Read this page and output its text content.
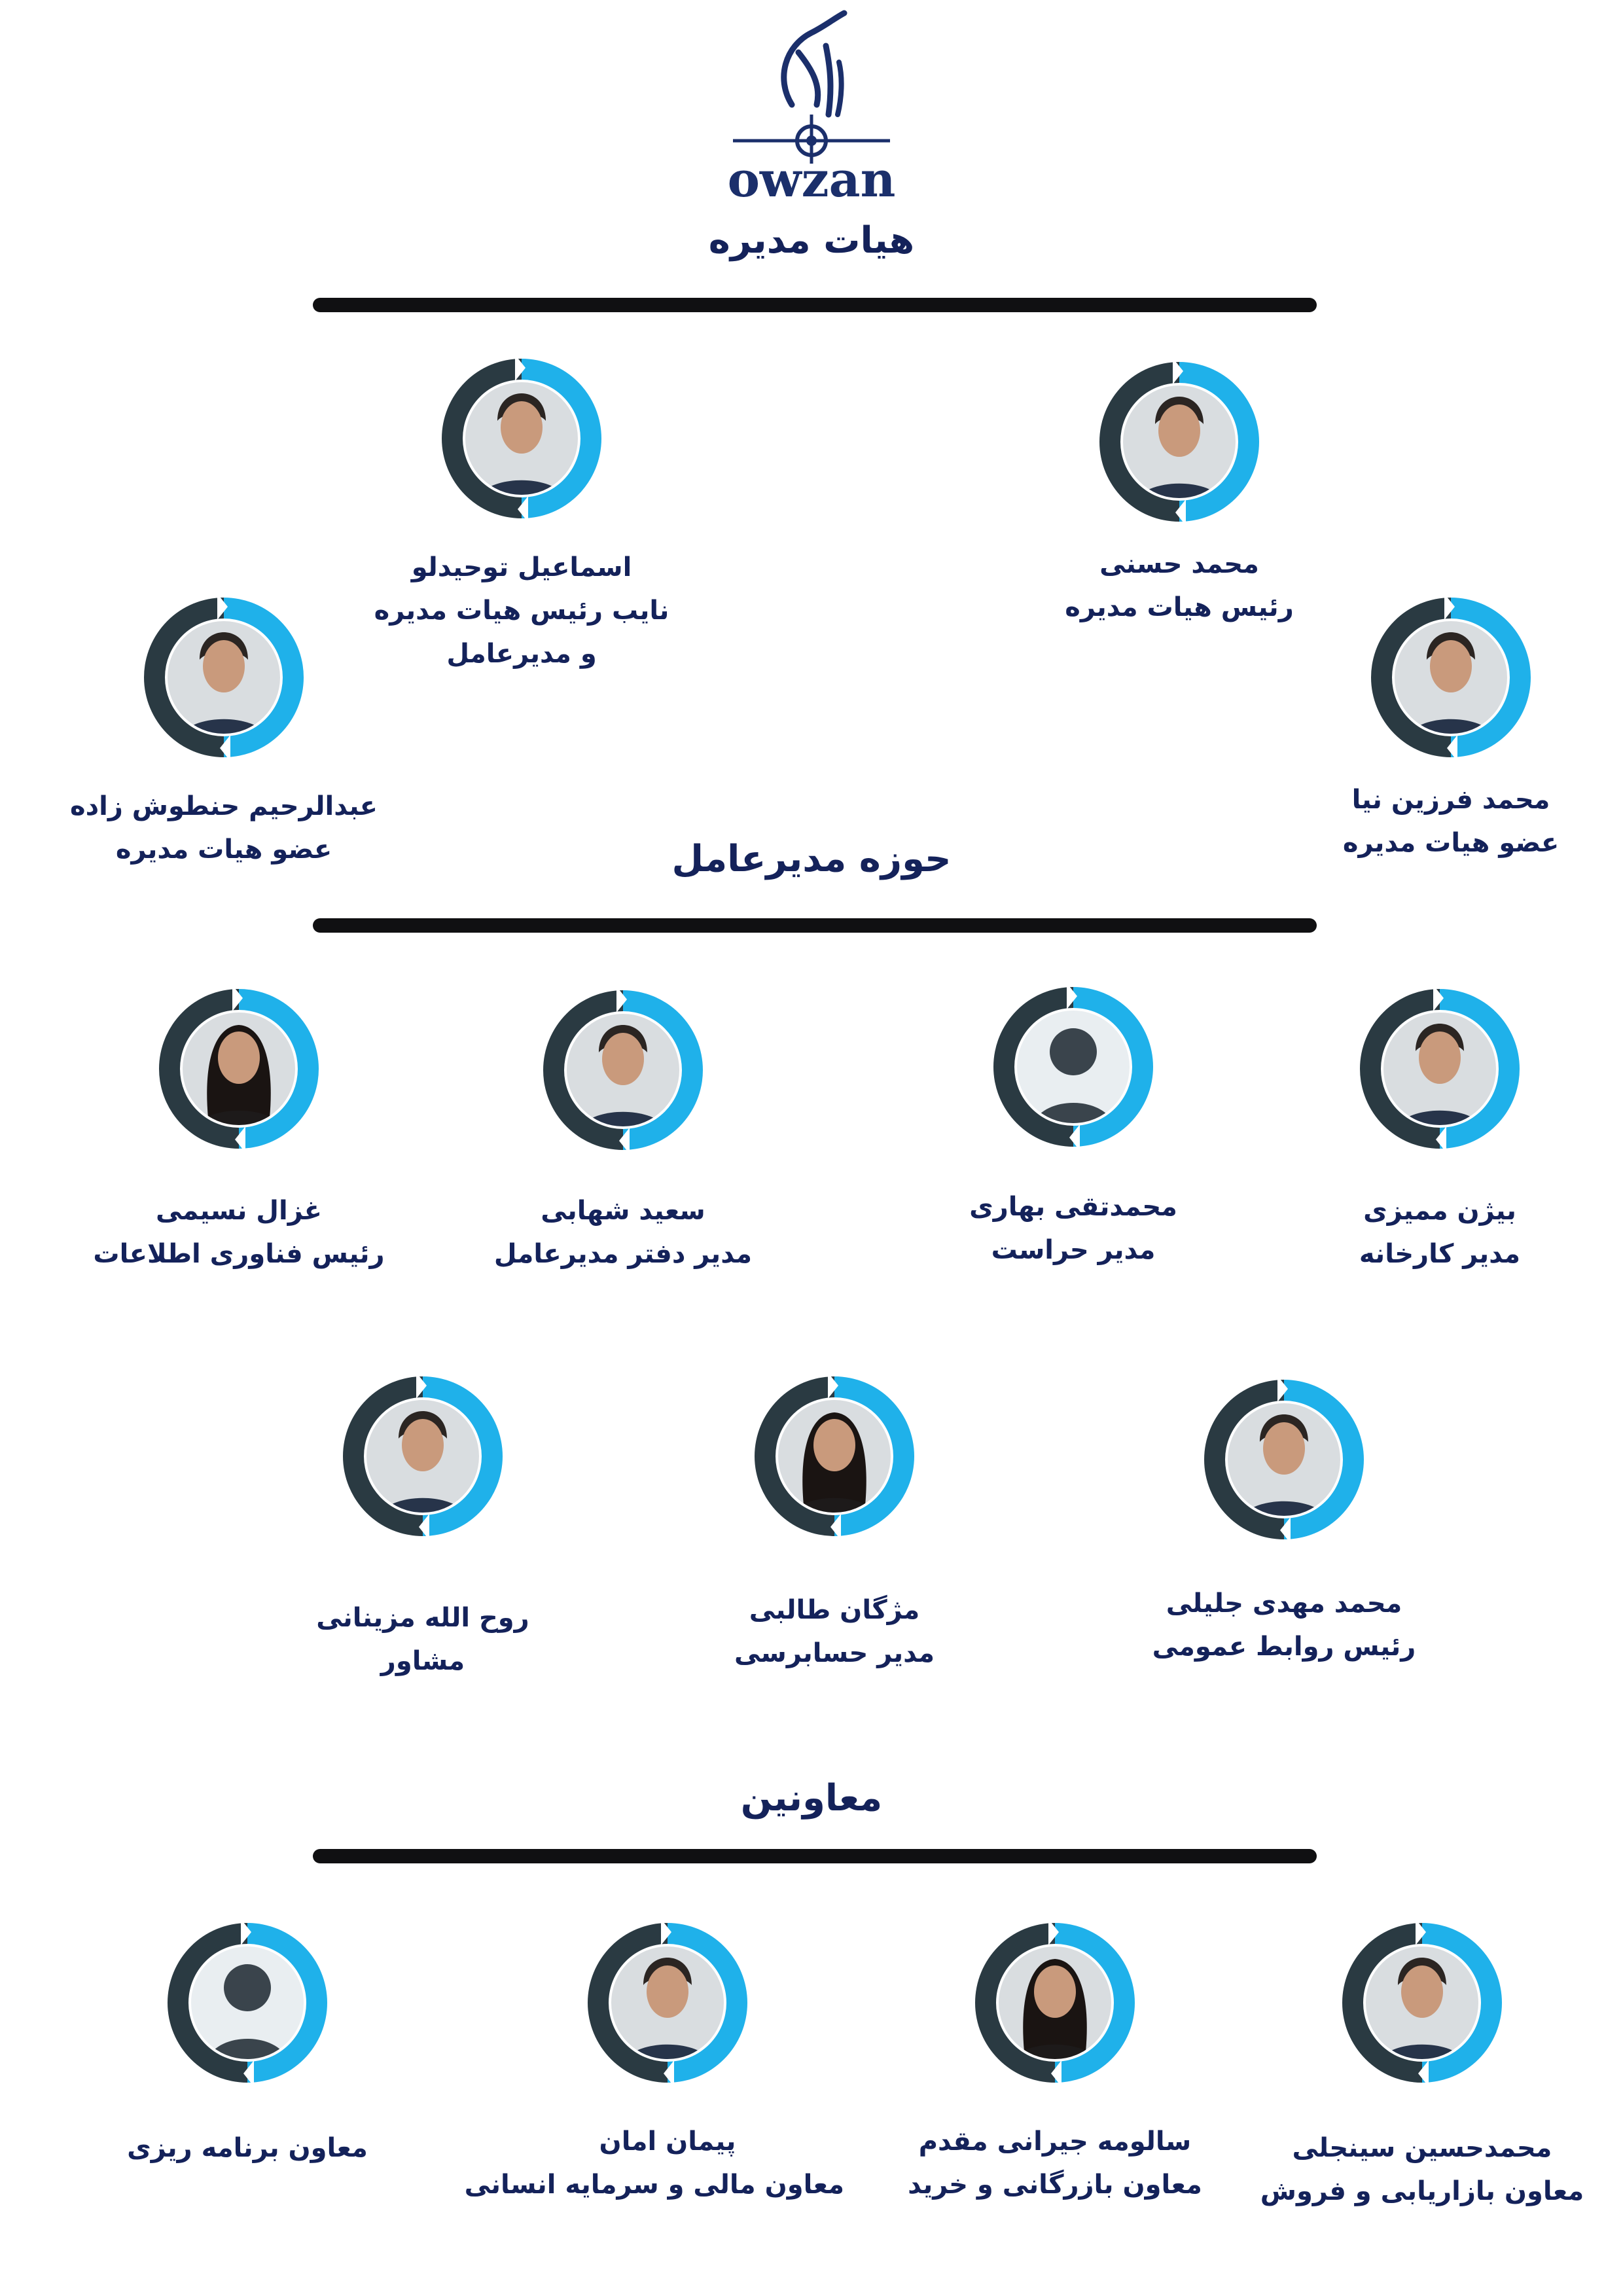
owzan
هیات مدیره
حوزه مدیرعامل
معاونین
محمد حسنی
رئیس هیات مدیره
اسماعیل توحیدلو
نایب رئیس هیات مدیره
و مدیرعامل
محمد فرزین نیا
عضو هیات مدیره
عبدالرحیم حنطوش زاده
عضو هیات مدیره
بیژن ممیزی
مدیر کارخانه
محمدتقی بهاری
مدیر حراست
سعید شهابی
مدیر دفتر مدیرعامل
غزال نسیمی
رئیس فناوری اطلاعات
محمد مهدی جلیلی
رئیس روابط عمومی
مژگان طالبی
مدیر حسابرسی
روح الله مزینانی
مشاور
محمدحسین سینجلی
معاون بازاریابی و فروش
سالومه جیرانی مقدم
معاون بازرگانی و خرید
پیمان امان
معاون مالی و سرمایه انسانی
معاون برنامه ریزی
